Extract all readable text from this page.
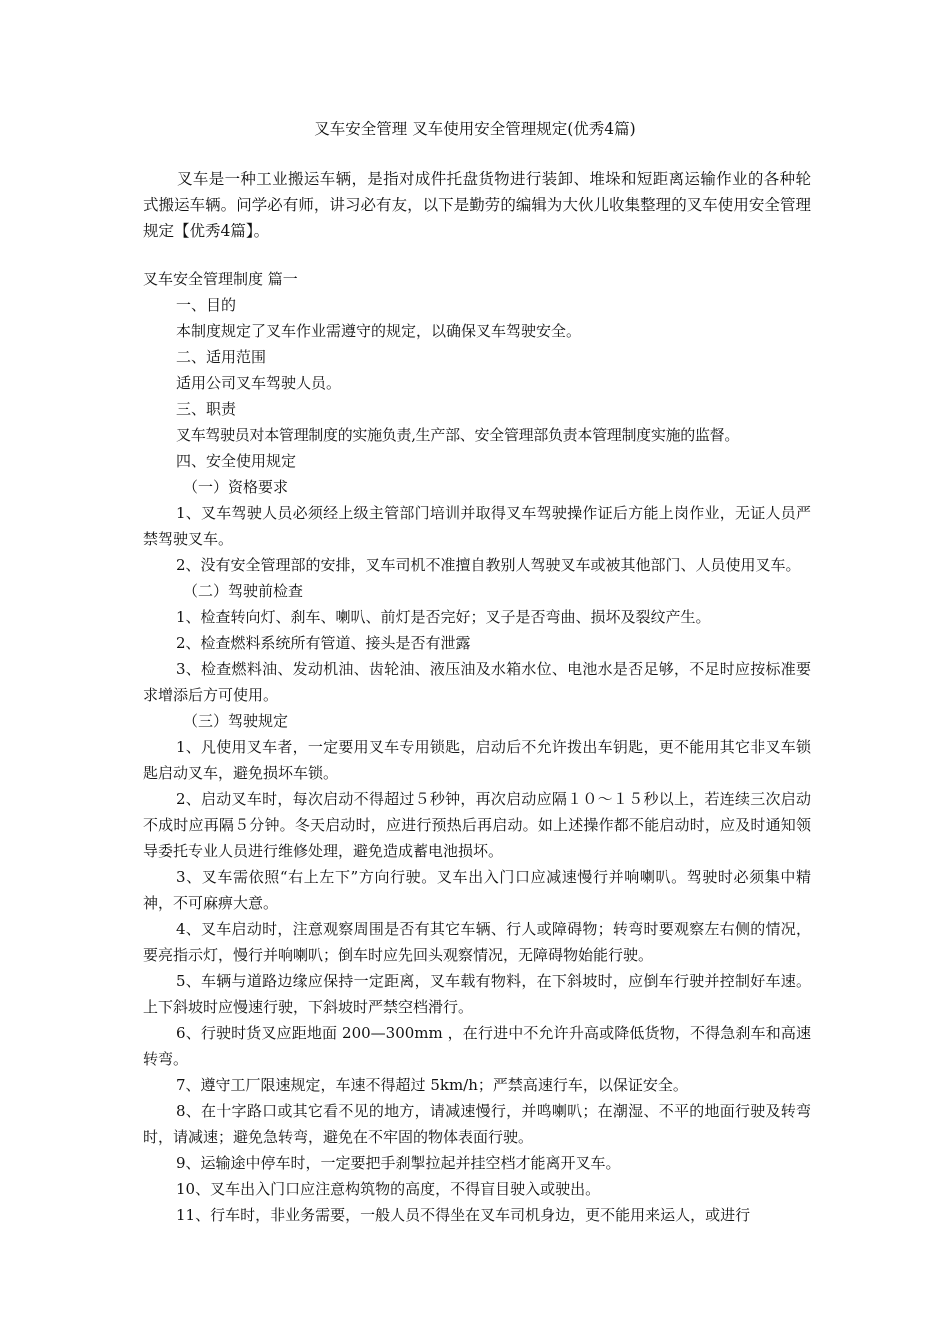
叉车安全管理 叉车使用安全管理规定(优秀4篇)

叉车是一种工业搬运车辆，是指对成件托盘货物进行装卸、堆垛和短距离运输作业的各种轮式搬运车辆。问学必有师，讲习必有友，以下是勤劳的编辑为大伙儿收集整理的叉车使用安全管理规定【优秀4篇】。

叉车安全管理制度 篇一

一、目的

本制度规定了叉车作业需遵守的规定，以确保叉车驾驶安全。

二、适用范围

适用公司叉车驾驶人员。

三、职责

叉车驾驶员对本管理制度的实施负责,生产部、安全管理部负责本管理制度实施的监督。

四、安全使用规定

（一）资格要求

1、叉车驾驶人员必须经上级主管部门培训并取得叉车驾驶操作证后方能上岗作业，无证人员严禁驾驶叉车。

2、没有安全管理部的安排，叉车司机不准擅自教别人驾驶叉车或被其他部门、人员使用叉车。

（二）驾驶前检查

1、检查转向灯、刹车、喇叭、前灯是否完好；叉子是否弯曲、损坏及裂纹产生。

2、检查燃料系统所有管道、接头是否有泄露

3、检查燃料油、发动机油、齿轮油、液压油及水箱水位、电池水是否足够，不足时应按标准要求增添后方可使用。

（三）驾驶规定

1、凡使用叉车者，一定要用叉车专用锁匙，启动后不允许拨出车钥匙，更不能用其它非叉车锁匙启动叉车，避免损坏车锁。

2、启动叉车时，每次启动不得超过５秒钟，再次启动应隔１０～１５秒以上，若连续三次启动不成时应再隔５分钟。冬天启动时，应进行预热后再启动。如上述操作都不能启动时，应及时通知领导委托专业人员进行维修处理，避免造成蓄电池损坏。

3、叉车需依照“右上左下”方向行驶。叉车出入门口应减速慢行并响喇叭。驾驶时必须集中精神，不可麻痹大意。

4、叉车启动时，注意观察周围是否有其它车辆、行人或障碍物；转弯时要观察左右侧的情况，要亮指示灯，慢行并响喇叭；倒车时应先回头观察情况，无障碍物始能行驶。

5、车辆与道路边缘应保持一定距离，叉车载有物料，在下斜坡时，应倒车行驶并控制好车速。上下斜坡时应慢速行驶，下斜坡时严禁空档滑行。

6、行驶时货叉应距地面 200—300mm ，在行进中不允许升高或降低货物，不得急刹车和高速转弯。

7、遵守工厂限速规定，车速不得超过 5km/h；严禁高速行车，以保证安全。

8、在十字路口或其它看不见的地方，请减速慢行，并鸣喇叭；在潮湿、不平的地面行驶及转弯时，请减速；避免急转弯，避免在不牢固的物体表面行驶。

9、运输途中停车时，一定要把手刹掣拉起并挂空档才能离开叉车。

10、叉车出入门口应注意构筑物的高度，不得盲目驶入或驶出。

11、行车时，非业务需要，一般人员不得坐在叉车司机身边，更不能用来运人，或进行
